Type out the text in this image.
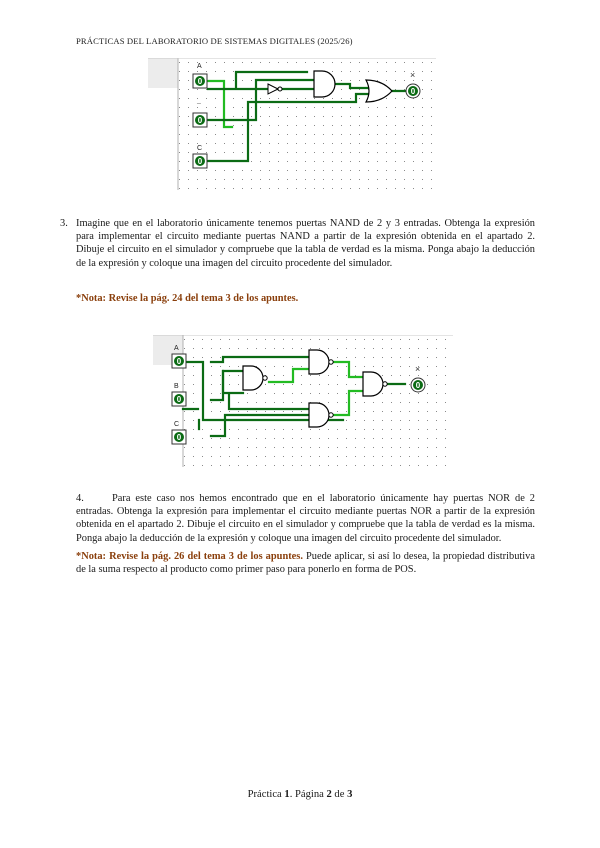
PRÁCTICAS DEL LABORATORIO DE SISTEMAS DIGITALES (2025/26)
0
A
0
¯
0
C
×
0
3. Imagine que en el laboratorio únicamente tenemos puertas NAND de 2 y 3 entradas. Obtenga la expresión para implementar el circuito mediante puertas NAND a partir de la expresión obtenida en el apartado 2. Dibuje el circuito en el simulador y compruebe que la tabla de verdad es la misma. Ponga abajo la deducción de la expresión y coloque una imagen del circuito procedente del simulador.
*Nota: Revise la pág. 24 del tema 3 de los apuntes.
A
0
B
0
C
0
×
0

4.	Para este caso nos hemos encontrado que en el laboratorio únicamente hay puertas NOR de 2 entradas. Obtenga la expresión para implementar el circuito mediante puertas NOR a partir de la expresión obtenida en el apartado 2. Dibuje el circuito en el simulador y compruebe que la tabla de verdad es la misma. Ponga abajo la deducción de la expresión y coloque una imagen del circuito procedente del simulador.

*Nota: Revise la pág. 26 del tema 3 de los apuntes. Puede aplicar, si así lo desea, la propiedad distributiva de la suma respecto al producto como primer paso para ponerlo en forma de POS.

Práctica 1. Página 2 de 3
